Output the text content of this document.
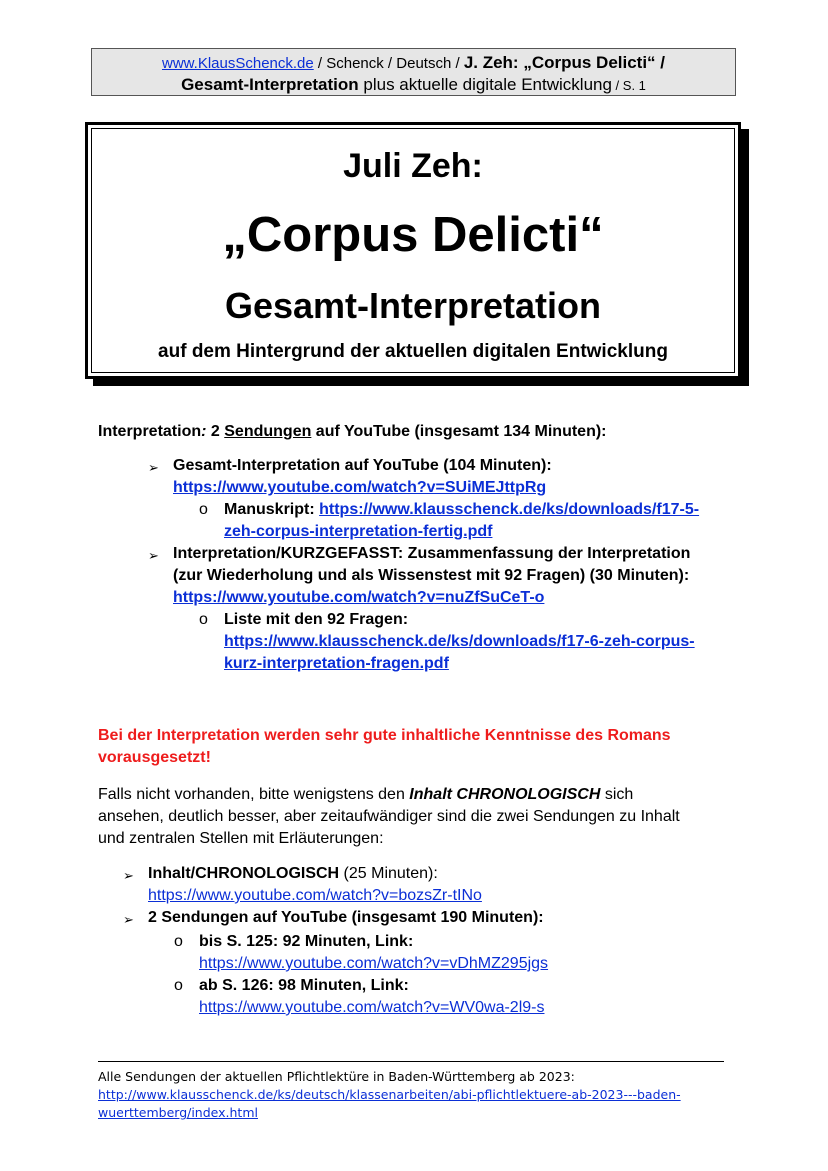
www.KlausSchenck.de / Schenck / Deutsch / J. Zeh: „Corpus Delicti“ /
Gesamt-Interpretation plus aktuelle digitale Entwicklung / S. 1
Juli Zeh:
„Corpus Delicti“
Gesamt-Interpretation
auf dem Hintergrund der aktuellen digitalen Entwicklung
Interpretation: 2 Sendungen auf YouTube (insgesamt 134 Minuten):
➢ Gesamt-Interpretation auf YouTube (104 Minuten):
https://www.youtube.com/watch?v=SUiMEJttpRg
o Manuskript: https://www.klausschenck.de/ks/downloads/f17-5-
zeh-corpus-interpretation-fertig.pdf
➢ Interpretation/KURZGEFASST: Zusammenfassung der Interpretation
(zur Wiederholung und als Wissenstest mit 92 Fragen) (30 Minuten):
https://www.youtube.com/watch?v=nuZfSuCeT-o
o Liste mit den 92 Fragen:
https://www.klausschenck.de/ks/downloads/f17-6-zeh-corpus-
kurz-interpretation-fragen.pdf
Bei der Interpretation werden sehr gute inhaltliche Kenntnisse des Romans
vorausgesetzt!
Falls nicht vorhanden, bitte wenigstens den Inhalt CHRONOLOGISCH sich
ansehen, deutlich besser, aber zeitaufwändiger sind die zwei Sendungen zu Inhalt
und zentralen Stellen mit Erläuterungen:
➢ Inhalt/CHRONOLOGISCH (25 Minuten):
https://www.youtube.com/watch?v=bozsZr-tINo
➢ 2 Sendungen auf YouTube (insgesamt 190 Minuten):
o bis S. 125: 92 Minuten, Link:
https://www.youtube.com/watch?v=vDhMZ295jgs
o ab S. 126: 98 Minuten, Link:
https://www.youtube.com/watch?v=WV0wa-2l9-s
Alle Sendungen der aktuellen Pflichtlektüre in Baden-Württemberg ab 2023:
http://www.klausschenck.de/ks/deutsch/klassenarbeiten/abi-pflichtlektuere-ab-2023---baden-
wuerttemberg/index.html
